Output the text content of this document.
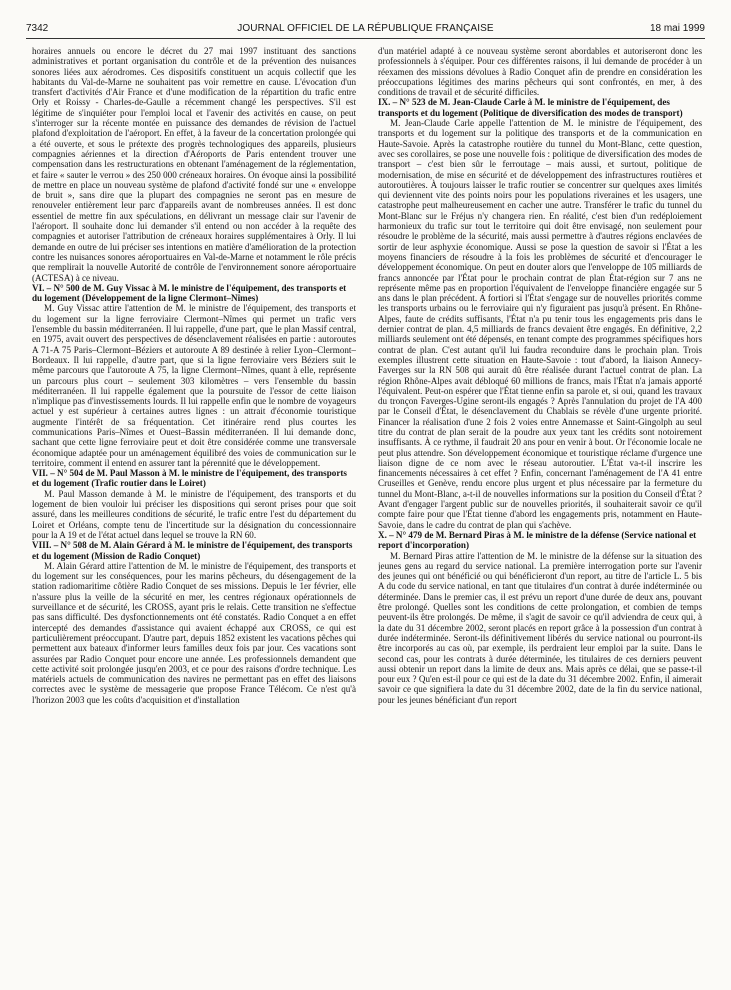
7342	JOURNAL OFFICIEL DE LA RÉPUBLIQUE FRANÇAISE	18 mai 1999

horaires annuels ou encore le décret du 27 mai 1997 instituant des sanctions administratives et portant organisation du contrôle et de la prévention des nuisances sonores liées aux aérodromes. Ces dispositifs constituent un acquis collectif que les habitants du Val-de-Marne ne souhaitent pas voir remettre en cause. L'évocation d'un transfert d'activités d'Air France et d'une modification de la répartition du trafic entre Orly et Roissy - Charles-de-Gaulle a récemment changé les perspectives. S'il est légitime de s'inquiéter pour l'emploi local et l'avenir des activités en cause, on peut s'interroger sur la récente montée en puissance des demandes de révision de l'actuel plafond d'exploitation de l'aéroport. En effet, à la faveur de la concertation prolongée qui a été ouverte, et sous le prétexte des progrès technologiques des appareils, plusieurs compagnies aériennes et la direction d'Aéroports de Paris entendent trouver une compensation dans les restructurations en obtenant l'aménagement de la réglementation, et faire « sauter le verrou » des 250 000 créneaux horaires. On évoque ainsi la possibilité de mettre en place un nouveau système de plafond d'activité fondé sur une « enveloppe de bruit », sans dire que la plupart des compagnies ne seront pas en mesure de renouveler entièrement leur parc d'appareils avant de nombreuses années. Il est donc essentiel de mettre fin aux spéculations, en délivrant un message clair sur l'avenir de l'aéroport. Il souhaite donc lui demander s'il entend ou non accéder à la requête des compagnies et autoriser l'attribution de créneaux horaires supplémentaires à Orly. Il lui demande en outre de lui préciser ses intentions en matière d'amélioration de la protection contre les nuisances sonores aéroportuaires en Val-de-Marne et notamment le rôle précis que remplirait la nouvelle Autorité de contrôle de l'environnement sonore aéroportuaire (ACTESA) à ce niveau.

VI. – N° 500 de M. Guy Vissac à M. le ministre de l'équipement, des transports et du logement (Développement de la ligne Clermont–Nîmes)

M. Guy Vissac attire l'attention de M. le ministre de l'équipement, des transports et du logement sur la ligne ferroviaire Clermont–Nîmes qui permet un trafic vers l'ensemble du bassin méditerranéen. Il lui rappelle, d'une part, que le plan Massif central, en 1975, avait ouvert des perspectives de désenclavement réalisées en partie : autoroutes A 71-A 75 Paris–Clermont–Béziers et autoroute A 89 destinée à relier Lyon–Clermont–Bordeaux. Il lui rappelle, d'autre part, que si la ligne ferroviaire vers Béziers suit le même parcours que l'autoroute A 75, la ligne Clermont–Nîmes, quant à elle, représente un parcours plus court – seulement 303 kilomètres – vers l'ensemble du bassin méditerranéen. Il lui rappelle également que la poursuite de l'essor de cette liaison n'implique pas d'investissements lourds. Il lui rappelle enfin que le nombre de voyageurs actuel y est supérieur à certaines autres lignes : un attrait d'économie touristique augmente l'intérêt de sa fréquentation. Cet itinéraire rend plus courtes les communications Paris–Nîmes et Ouest–Bassin méditerranéen. Il lui demande donc, sachant que cette ligne ferroviaire peut et doit être considérée comme une transversale économique adaptée pour un aménagement équilibré des voies de communication sur le territoire, comment il entend en assurer tant la pérennité que le développement.

VII. – N° 504 de M. Paul Masson à M. le ministre de l'équipement, des transports et du logement (Trafic routier dans le Loiret)

M. Paul Masson demande à M. le ministre de l'équipement, des transports et du logement de bien vouloir lui préciser les dispositions qui seront prises pour que soit assuré, dans les meilleures conditions de sécurité, le trafic entre l'est du département du Loiret et Orléans, compte tenu de l'incertitude sur la désignation du concessionnaire pour la A 19 et de l'état actuel dans lequel se trouve la RN 60.

VIII. – N° 508 de M. Alain Gérard à M. le ministre de l'équipement, des transports et du logement (Mission de Radio Conquet)

M. Alain Gérard attire l'attention de M. le ministre de l'équipement, des transports et du logement sur les conséquences, pour les marins pêcheurs, du désengagement de la station radiomaritime côtière Radio Conquet de ses missions. Depuis le 1er février, elle n'assure plus la veille de la sécurité en mer, les centres régionaux opérationnels de surveillance et de sécurité, les CROSS, ayant pris le relais. Cette transition ne s'effectue pas sans difficulté. Des dysfonctionnements ont été constatés. Radio Conquet a en effet intercepté des demandes d'assistance qui avaient échappé aux CROSS, ce qui est particulièrement préoccupant. D'autre part, depuis 1852 existent les vacations pêches qui permettent aux bateaux d'informer leurs familles deux fois par jour. Ces vacations sont assurées par Radio Conquet pour encore une année. Les professionnels demandent que cette activité soit prolongée jusqu'en 2003, et ce pour des raisons d'ordre technique. Les matériels actuels de communication des navires ne permettant pas en effet des liaisons correctes avec le système de messagerie que propose France Télécom. Ce n'est qu'à l'horizon 2003 que les coûts d'acquisition et d'installation

d'un matériel adapté à ce nouveau système seront abordables et autoriseront donc les professionnels à s'équiper. Pour ces différentes raisons, il lui demande de procéder à un réexamen des missions dévolues à Radio Conquet afin de prendre en considération les préoccupations légitimes des marins pêcheurs qui sont confrontés, en mer, à des conditions de travail et de sécurité difficiles.

IX. – N° 523 de M. Jean-Claude Carle à M. le ministre de l'équipement, des transports et du logement (Politique de diversification des modes de transport)

M. Jean-Claude Carle appelle l'attention de M. le ministre de l'équipement, des transports et du logement sur la politique des transports et de la communication en Haute-Savoie. Après la catastrophe routière du tunnel du Mont-Blanc, cette question, avec ses corollaires, se pose une nouvelle fois : politique de diversification des modes de transport – c'est bien sûr le ferroutage – mais aussi, et surtout, politique de modernisation, de mise en sécurité et de développement des infrastructures routières et autoroutières. À toujours laisser le trafic routier se concentrer sur quelques axes limités qui deviennent vite des points noirs pour les populations riveraines et les usagers, une catastrophe peut malheureusement en cacher une autre. Transférer le trafic du tunnel du Mont-Blanc sur le Fréjus n'y changera rien. En réalité, c'est bien d'un redéploiement harmonieux du trafic sur tout le territoire qui doit être envisagé, non seulement pour résoudre le problème de la sécurité, mais aussi permettre à d'autres régions enclavées de sortir de leur asphyxie économique. Aussi se pose la question de savoir si l'État a les moyens financiers de résoudre à la fois les problèmes de sécurité et d'encourager le développement économique. On peut en douter alors que l'enveloppe de 105 milliards de francs annoncée par l'État pour le prochain contrat de plan État-région sur 7 ans ne représente même pas en proportion l'équivalent de l'enveloppe financière engagée sur 5 ans dans le plan précédent. A fortiori si l'État s'engage sur de nouvelles priorités comme les transports urbains ou le ferroviaire qui n'y figuraient pas jusqu'à présent. En Rhône-Alpes, faute de crédits suffisants, l'État n'a pu tenir tous les engagements pris dans le dernier contrat de plan. 4,5 milliards de francs devaient être engagés. En définitive, 2,2 milliards seulement ont été dépensés, en tenant compte des programmes spécifiques hors contrat de plan. C'est autant qu'il lui faudra reconduire dans le prochain plan. Trois exemples illustrent cette situation en Haute-Savoie : tout d'abord, la liaison Annecy-Faverges sur la RN 508 qui aurait dû être réalisée durant l'actuel contrat de plan. La région Rhône-Alpes avait débloqué 60 millions de francs, mais l'État n'a jamais apporté l'équivalent. Peut-on espérer que l'État tienne enfin sa parole et, si oui, quand les travaux du tronçon Faverges-Ugine seront-ils engagés ? Après l'annulation du projet de l'A 400 par le Conseil d'État, le désenclavement du Chablais se révèle d'une urgente priorité. Financer la réalisation d'une 2 fois 2 voies entre Annemasse et Saint-Gingolph au seul titre du contrat de plan serait de la poudre aux yeux tant les crédits sont notoirement insuffisants. À ce rythme, il faudrait 20 ans pour en venir à bout. Or l'économie locale ne peut plus attendre. Son développement économique et touristique réclame d'urgence une liaison digne de ce nom avec le réseau autoroutier. L'État va-t-il inscrire les financements nécessaires à cet effet ? Enfin, concernant l'aménagement de l'A 41 entre Cruseilles et Genève, rendu encore plus urgent et plus nécessaire par la fermeture du tunnel du Mont-Blanc, a-t-il de nouvelles informations sur la position du Conseil d'État ? Avant d'engager l'argent public sur de nouvelles priorités, il souhaiterait savoir ce qu'il compte faire pour que l'État tienne d'abord les engagements pris, notamment en Haute-Savoie, dans le cadre du contrat de plan qui s'achève.

X. – N° 479 de M. Bernard Piras à M. le ministre de la défense (Service national et report d'incorporation)

M. Bernard Piras attire l'attention de M. le ministre de la défense sur la situation des jeunes gens au regard du service national. La première interrogation porte sur l'avenir des jeunes qui ont bénéficié ou qui bénéficieront d'un report, au titre de l'article L. 5 bis A du code du service national, en tant que titulaires d'un contrat à durée indéterminée ou déterminée. Dans le premier cas, il est prévu un report d'une durée de deux ans, pouvant être prolongé. Quelles sont les conditions de cette prolongation, et combien de temps peuvent-ils être prolongés. De même, il s'agit de savoir ce qu'il adviendra de ceux qui, à la date du 31 décembre 2002, seront placés en report grâce à la possession d'un contrat à durée indéterminée. Seront-ils définitivement libérés du service national ou pourront-ils être incorporés au cas où, par exemple, ils perdraient leur emploi par la suite. Dans le second cas, pour les contrats à durée déterminée, les titulaires de ces derniers peuvent aussi obtenir un report dans la limite de deux ans. Mais après ce délai, que se passe-t-il pour eux ? Qu'en est-il pour ce qui est de la date du 31 décembre 2002. Enfin, il aimerait savoir ce que signifiera la date du 31 décembre 2002, date de la fin du service national, pour les jeunes bénéficiant d'un report
